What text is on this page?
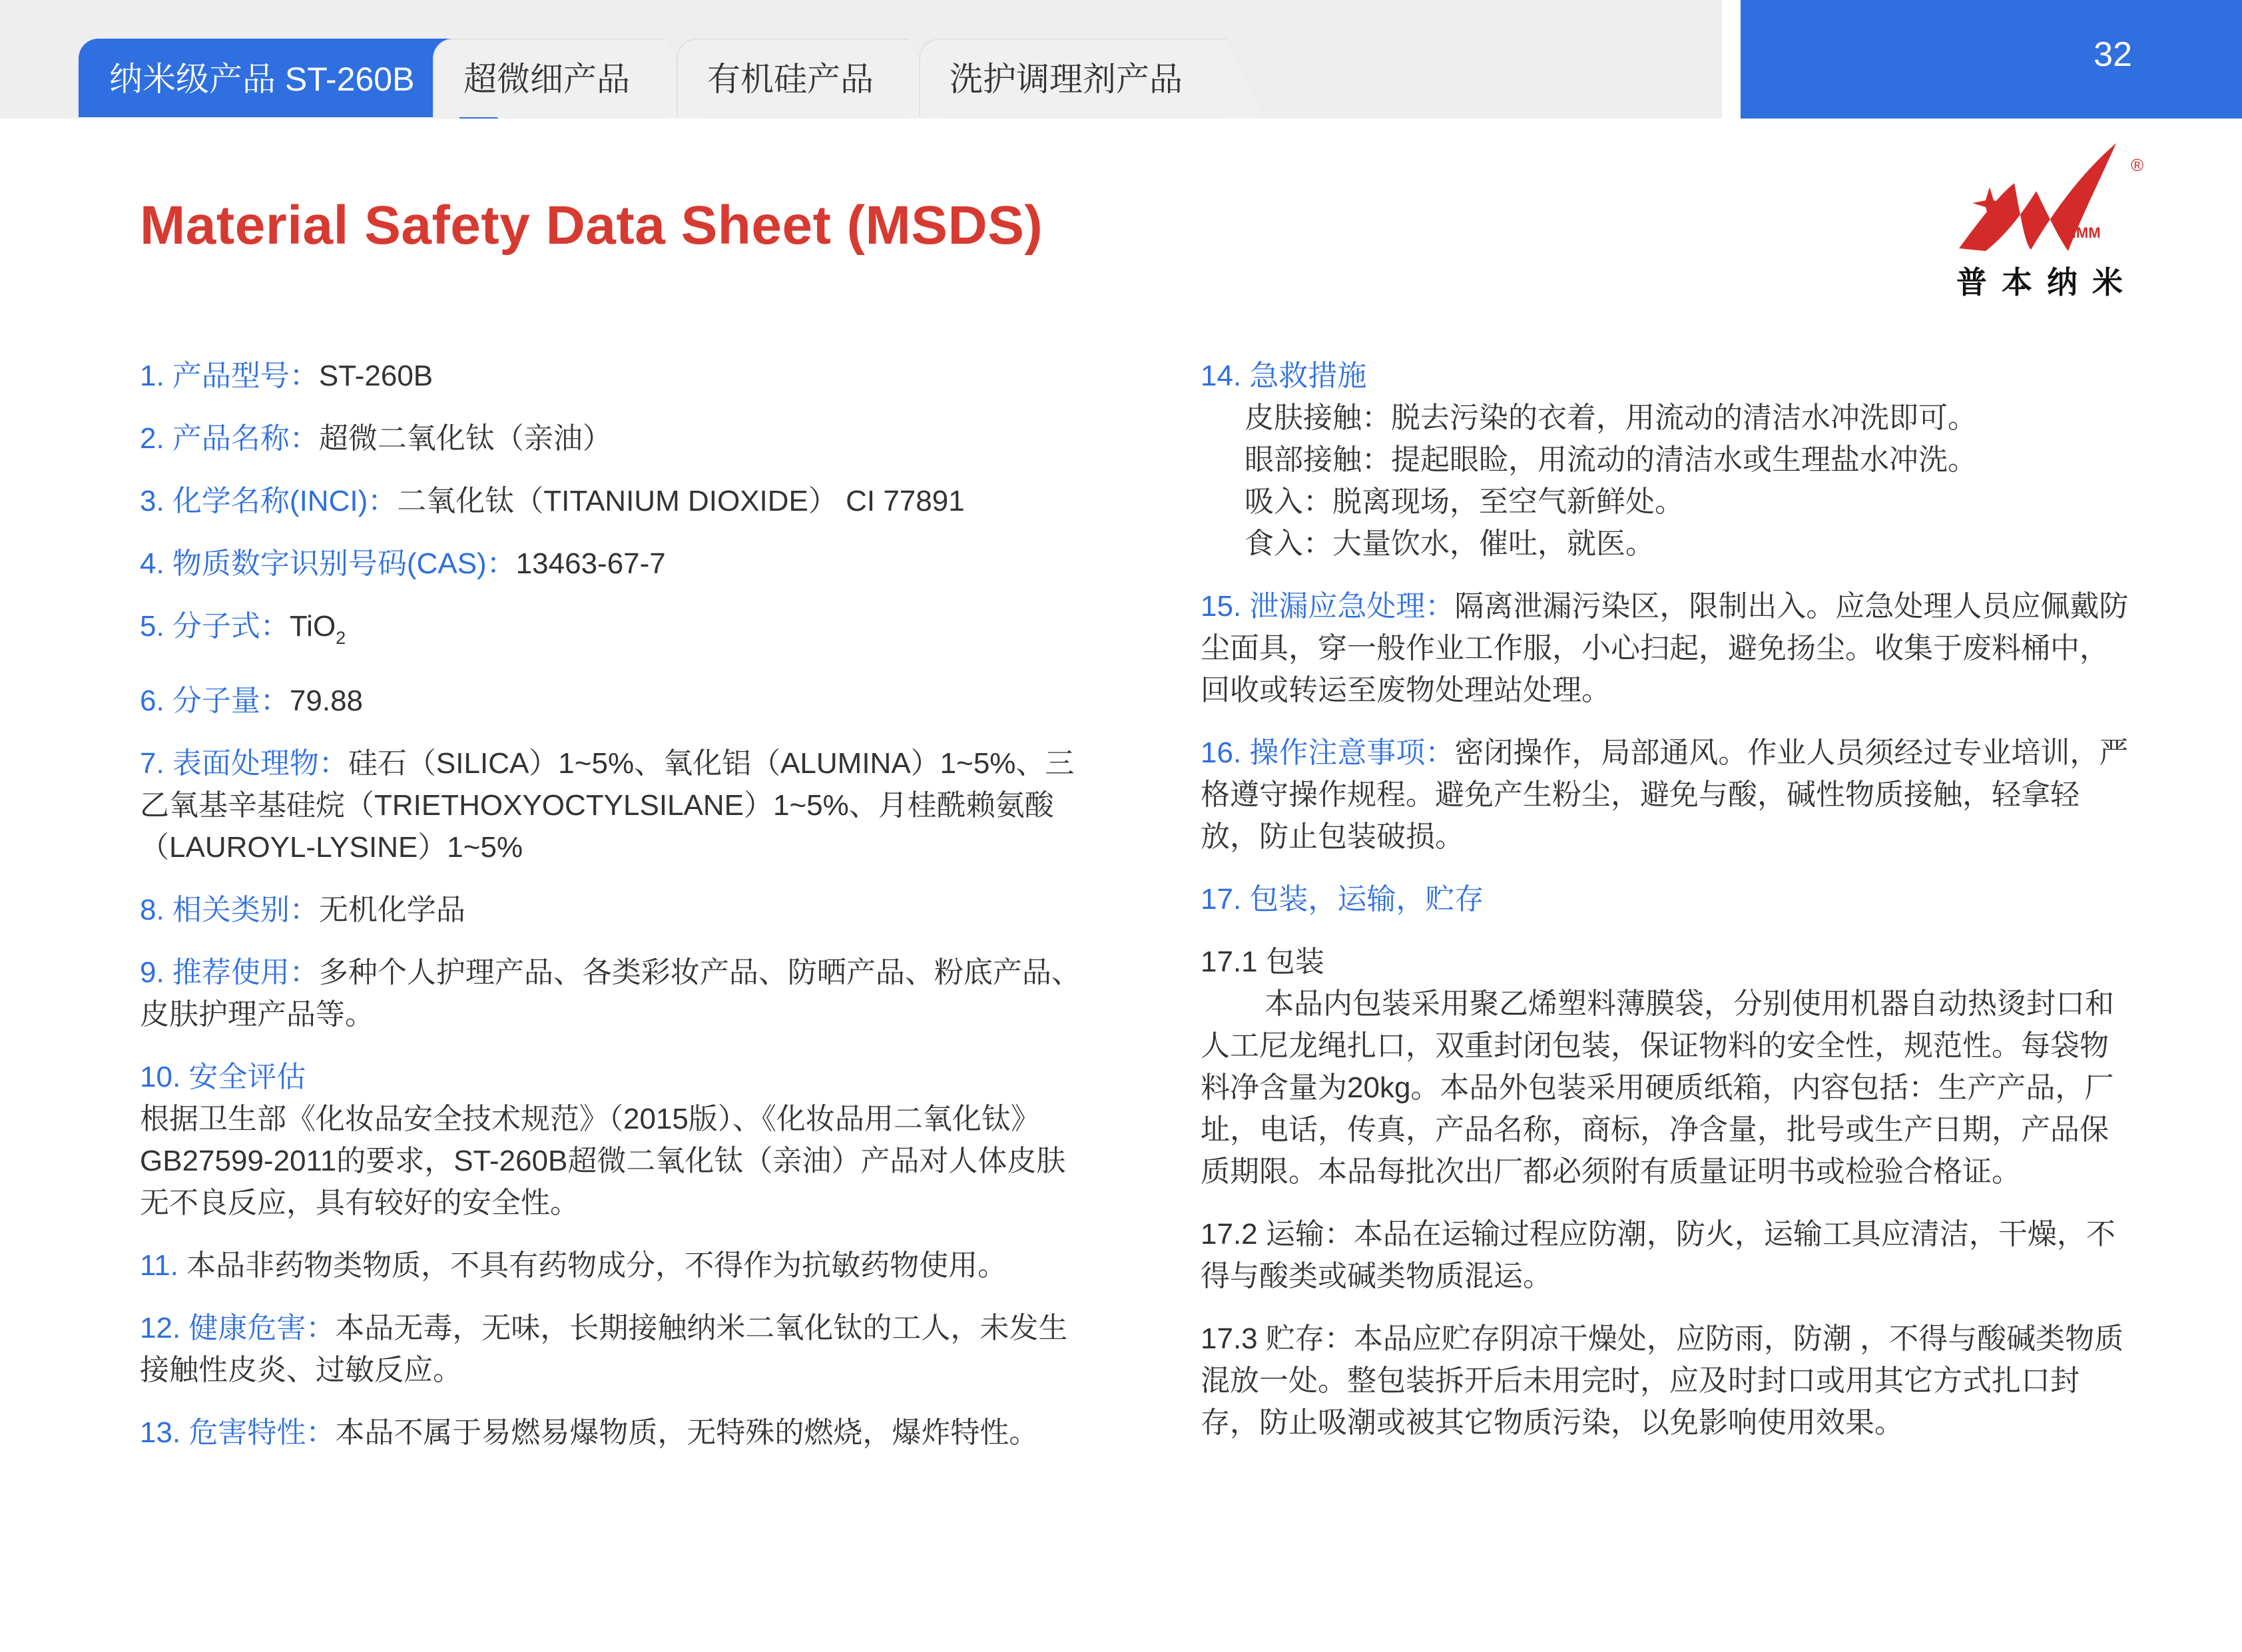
纳米级产品 ST-260B	超微细产品	有机硅产品	洗护调理剂产品
32
Material Safety Data Sheet (MSDS)	NMM
®
普本纳米
1. 产品型号：ST-260B
2. 产品名称：超微二氧化钛（亲油）
3. 化学名称(INCI)：二氧化钛（TITANIUM DIOXIDE） CI 77891
4. 物质数字识别号码(CAS)：13463-67-7
5. 分子式：TiO$_2$
6. 分子量：79.88
7. 表面处理物：硅石（SILICA）1~5%、氧化铝（ALUMINA）1~5%、三乙氧基辛基硅烷（TRIETHOXYOCTYLSILANE）1~5%、月桂酰赖氨酸（LAUROYL-LYSINE）1~5%
8. 相关类别：无机化学品
9. 推荐使用：多种个人护理产品、各类彩妆产品、防晒产品、粉底产品、皮肤护理产品等。
10. 安全评估
根据卫生部《化妆品安全技术规范》（2015版）、《化妆品用二氧化钛》GB27599-2011的要求，ST-260B超微二氧化钛（亲油）产品对人体皮肤无不良反应，具有较好的安全性。
11. 本品非药物类物质，不具有药物成分，不得作为抗敏药物使用。
12. 健康危害：本品无毒，无味，长期接触纳米二氧化钛的工人，未发生接触性皮炎、过敏反应。
13. 危害特性：本品不属于易燃易爆物质，无特殊的燃烧，爆炸特性。
14. 急救措施
皮肤接触：脱去污染的衣着，用流动的清洁水冲洗即可。
眼部接触：提起眼睑，用流动的清洁水或生理盐水冲洗。
吸入：脱离现场，至空气新鲜处。
食入：大量饮水，催吐，就医。
15. 泄漏应急处理：隔离泄漏污染区，限制出入。应急处理人员应佩戴防尘面具，穿一般作业工作服，小心扫起，避免扬尘。收集于废料桶中，回收或转运至废物处理站处理。
16. 操作注意事项：密闭操作，局部通风。作业人员须经过专业培训，严格遵守操作规程。避免产生粉尘，避免与酸，碱性物质接触，轻拿轻放，防止包装破损。
17. 包装，运输，贮存
17.1 包装
本品内包装采用聚乙烯塑料薄膜袋，分别使用机器自动热烫封口和人工尼龙绳扎口，双重封闭包装，保证物料的安全性，规范性。每袋物料净含量为20kg。本品外包装采用硬质纸箱，内容包括：生产产品，厂址，电话，传真，产品名称，商标，净含量，批号或生产日期，产品保质期限。本品每批次出厂都必须附有质量证明书或检验合格证。
17.2 运输：本品在运输过程应防潮，防火，运输工具应清洁，干燥，不得与酸类或碱类物质混运。
17.3 贮存：本品应贮存阴凉干燥处，应防雨，防潮 ，不得与酸碱类物质混放一处。整包装拆开后未用完时，应及时封口或用其它方式扎口封存，防止吸潮或被其它物质污染，以免影响使用效果。
